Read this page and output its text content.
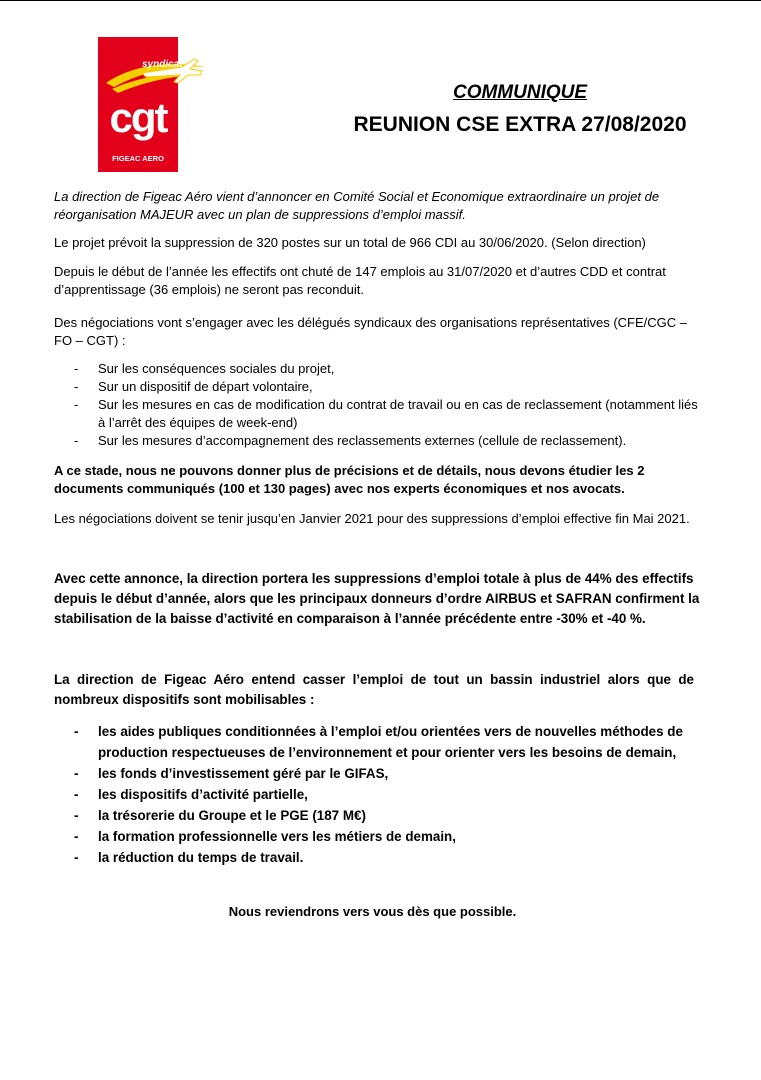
syndicat
cgt
FIGEAC AERO
COMMUNIQUE
REUNION CSE EXTRA 27/08/2020
La direction de Figeac Aéro vient d’annoncer en Comité Social et Economique extraordinaire un projet de réorganisation MAJEUR avec un plan de suppressions d’emploi massif.
Le projet prévoit la suppression de 320 postes sur un total de 966 CDI au 30/06/2020. (Selon direction)
Depuis le début de l’année les effectifs ont chuté de 147 emplois au 31/07/2020 et d’autres CDD et contrat d’apprentissage (36 emplois) ne seront pas reconduit.
Des négociations vont s’engager avec les délégués syndicaux des organisations représentatives (CFE/CGC – FO – CGT) :
- Sur les conséquences sociales du projet,
- Sur un dispositif de départ volontaire,
- Sur les mesures en cas de modification du contrat de travail ou en cas de reclassement (notamment liés à l’arrêt des équipes de week-end)
- Sur les mesures d’accompagnement des reclassements externes (cellule de reclassement).
A ce stade, nous ne pouvons donner plus de précisions et de détails, nous devons étudier les 2 documents communiqués (100 et 130 pages) avec nos experts économiques et nos avocats.
Les négociations doivent se tenir jusqu’en Janvier 2021 pour des suppressions d’emploi effective fin Mai 2021.
Avec cette annonce, la direction portera les suppressions d’emploi totale à plus de 44% des effectifs depuis le début d’année, alors que les principaux donneurs d’ordre AIRBUS et SAFRAN confirment la stabilisation de la baisse d’activité en comparaison à l’année précédente entre -30% et -40 %.
La direction de Figeac Aéro entend casser l’emploi de tout un bassin industriel alors que de nombreux dispositifs sont mobilisables :
- les aides publiques conditionnées à l’emploi et/ou orientées vers de nouvelles méthodes de production respectueuses de l’environnement et pour orienter vers les besoins de demain,
- les fonds d’investissement géré par le GIFAS,
- les dispositifs d’activité partielle,
- la trésorerie du Groupe et le PGE (187 M€)
- la formation professionnelle vers les métiers de demain,
- la réduction du temps de travail.
Nous reviendrons vers vous dès que possible.
